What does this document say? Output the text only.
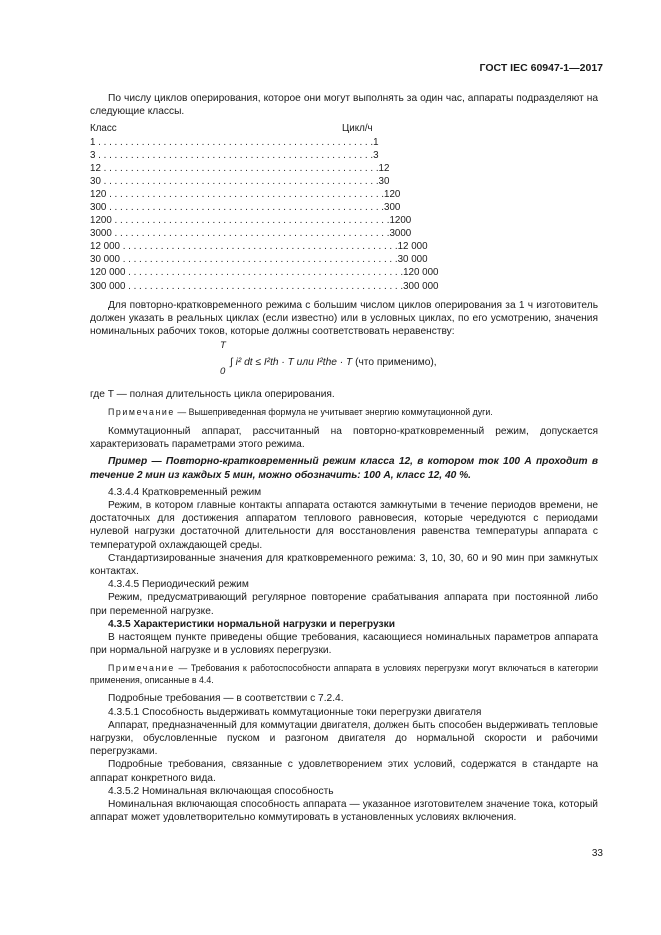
ГОСТ IEC 60947-1—2017

По числу циклов оперирования, которое они могут выполнять за один час, аппараты подразделяют на следующие классы.

Класс	Цикл/ч
1 . . . . . . . . . . . . . . . . . . . . . . . . . . . . . . . . . . . . . . . . . . . . . . . . . . . 1
3 . . . . . . . . . . . . . . . . . . . . . . . . . . . . . . . . . . . . . . . . . . . . . . . . . . . 3
12 . . . . . . . . . . . . . . . . . . . . . . . . . . . . . . . . . . . . . . . . . . . . . . . . . . . 12
30 . . . . . . . . . . . . . . . . . . . . . . . . . . . . . . . . . . . . . . . . . . . . . . . . . . . 30
120 . . . . . . . . . . . . . . . . . . . . . . . . . . . . . . . . . . . . . . . . . . . . . . . . . . . 120
300 . . . . . . . . . . . . . . . . . . . . . . . . . . . . . . . . . . . . . . . . . . . . . . . . . . . 300
1200 . . . . . . . . . . . . . . . . . . . . . . . . . . . . . . . . . . . . . . . . . . . . . . . . . . . 1200
3000 . . . . . . . . . . . . . . . . . . . . . . . . . . . . . . . . . . . . . . . . . . . . . . . . . . . 3000
12 000 . . . . . . . . . . . . . . . . . . . . . . . . . . . . . . . . . . . . . . . . . . . . . . . . . . . 12 000
30 000 . . . . . . . . . . . . . . . . . . . . . . . . . . . . . . . . . . . . . . . . . . . . . . . . . . . 30 000
120 000 . . . . . . . . . . . . . . . . . . . . . . . . . . . . . . . . . . . . . . . . . . . . . . . . . . . 120 000
300 000 . . . . . . . . . . . . . . . . . . . . . . . . . . . . . . . . . . . . . . . . . . . . . . . . . . . 300 000

Для повторно-кратковременного режима с большим числом циклов оперирования за 1 ч изготовитель должен указать в реальных циклах (если известно) или в условных циклах, по его усмотрению, значения номинальных рабочих токов, которые должны соответствовать неравенству:

T

0
∫ i² dt ≤ I²th · T или I²the · T (что применимо),

где T — полная длительность цикла оперирования.

Примечание — Вышеприведенная формула не учитывает энергию коммутационной дуги.

Коммутационный аппарат, рассчитанный на повторно-кратковременный режим, допускается характеризовать параметрами этого режима.

Пример — Повторно-кратковременный режим класса 12, в котором ток 100 А проходит в течение 2 мин из каждых 5 мин, можно обозначить: 100 А, класс 12, 40 %.

4.3.4.4 Кратковременный режим

Режим, в котором главные контакты аппарата остаются замкнутыми в течение периодов времени, не достаточных для достижения аппаратом теплового равновесия, которые чередуются с периодами нулевой нагрузки достаточной длительности для восстановления равенства температуры аппарата с температурой охлаждающей среды.

Стандартизированные значения для кратковременного режима: 3, 10, 30, 60 и 90 мин при замкнутых контактах.

4.3.4.5 Периодический режим

Режим, предусматривающий регулярное повторение срабатывания аппарата при постоянной либо при переменной нагрузке.

4.3.5 Характеристики нормальной нагрузки и перегрузки

В настоящем пункте приведены общие требования, касающиеся номинальных параметров аппарата при нормальной нагрузке и в условиях перегрузки.

Примечание — Требования к работоспособности аппарата в условиях перегрузки могут включаться в категории применения, описанные в 4.4.

Подробные требования — в соответствии с 7.2.4.

4.3.5.1 Способность выдерживать коммутационные токи перегрузки двигателя

Аппарат, предназначенный для коммутации двигателя, должен быть способен выдерживать тепловые нагрузки, обусловленные пуском и разгоном двигателя до нормальной скорости и рабочими перегрузками.

Подробные требования, связанные с удовлетворением этих условий, содержатся в стандарте на аппарат конкретного вида.

4.3.5.2 Номинальная включающая способность

Номинальная включающая способность аппарата — указанное изготовителем значение тока, который аппарат может удовлетворительно коммутировать в установленных условиях включения.

33
